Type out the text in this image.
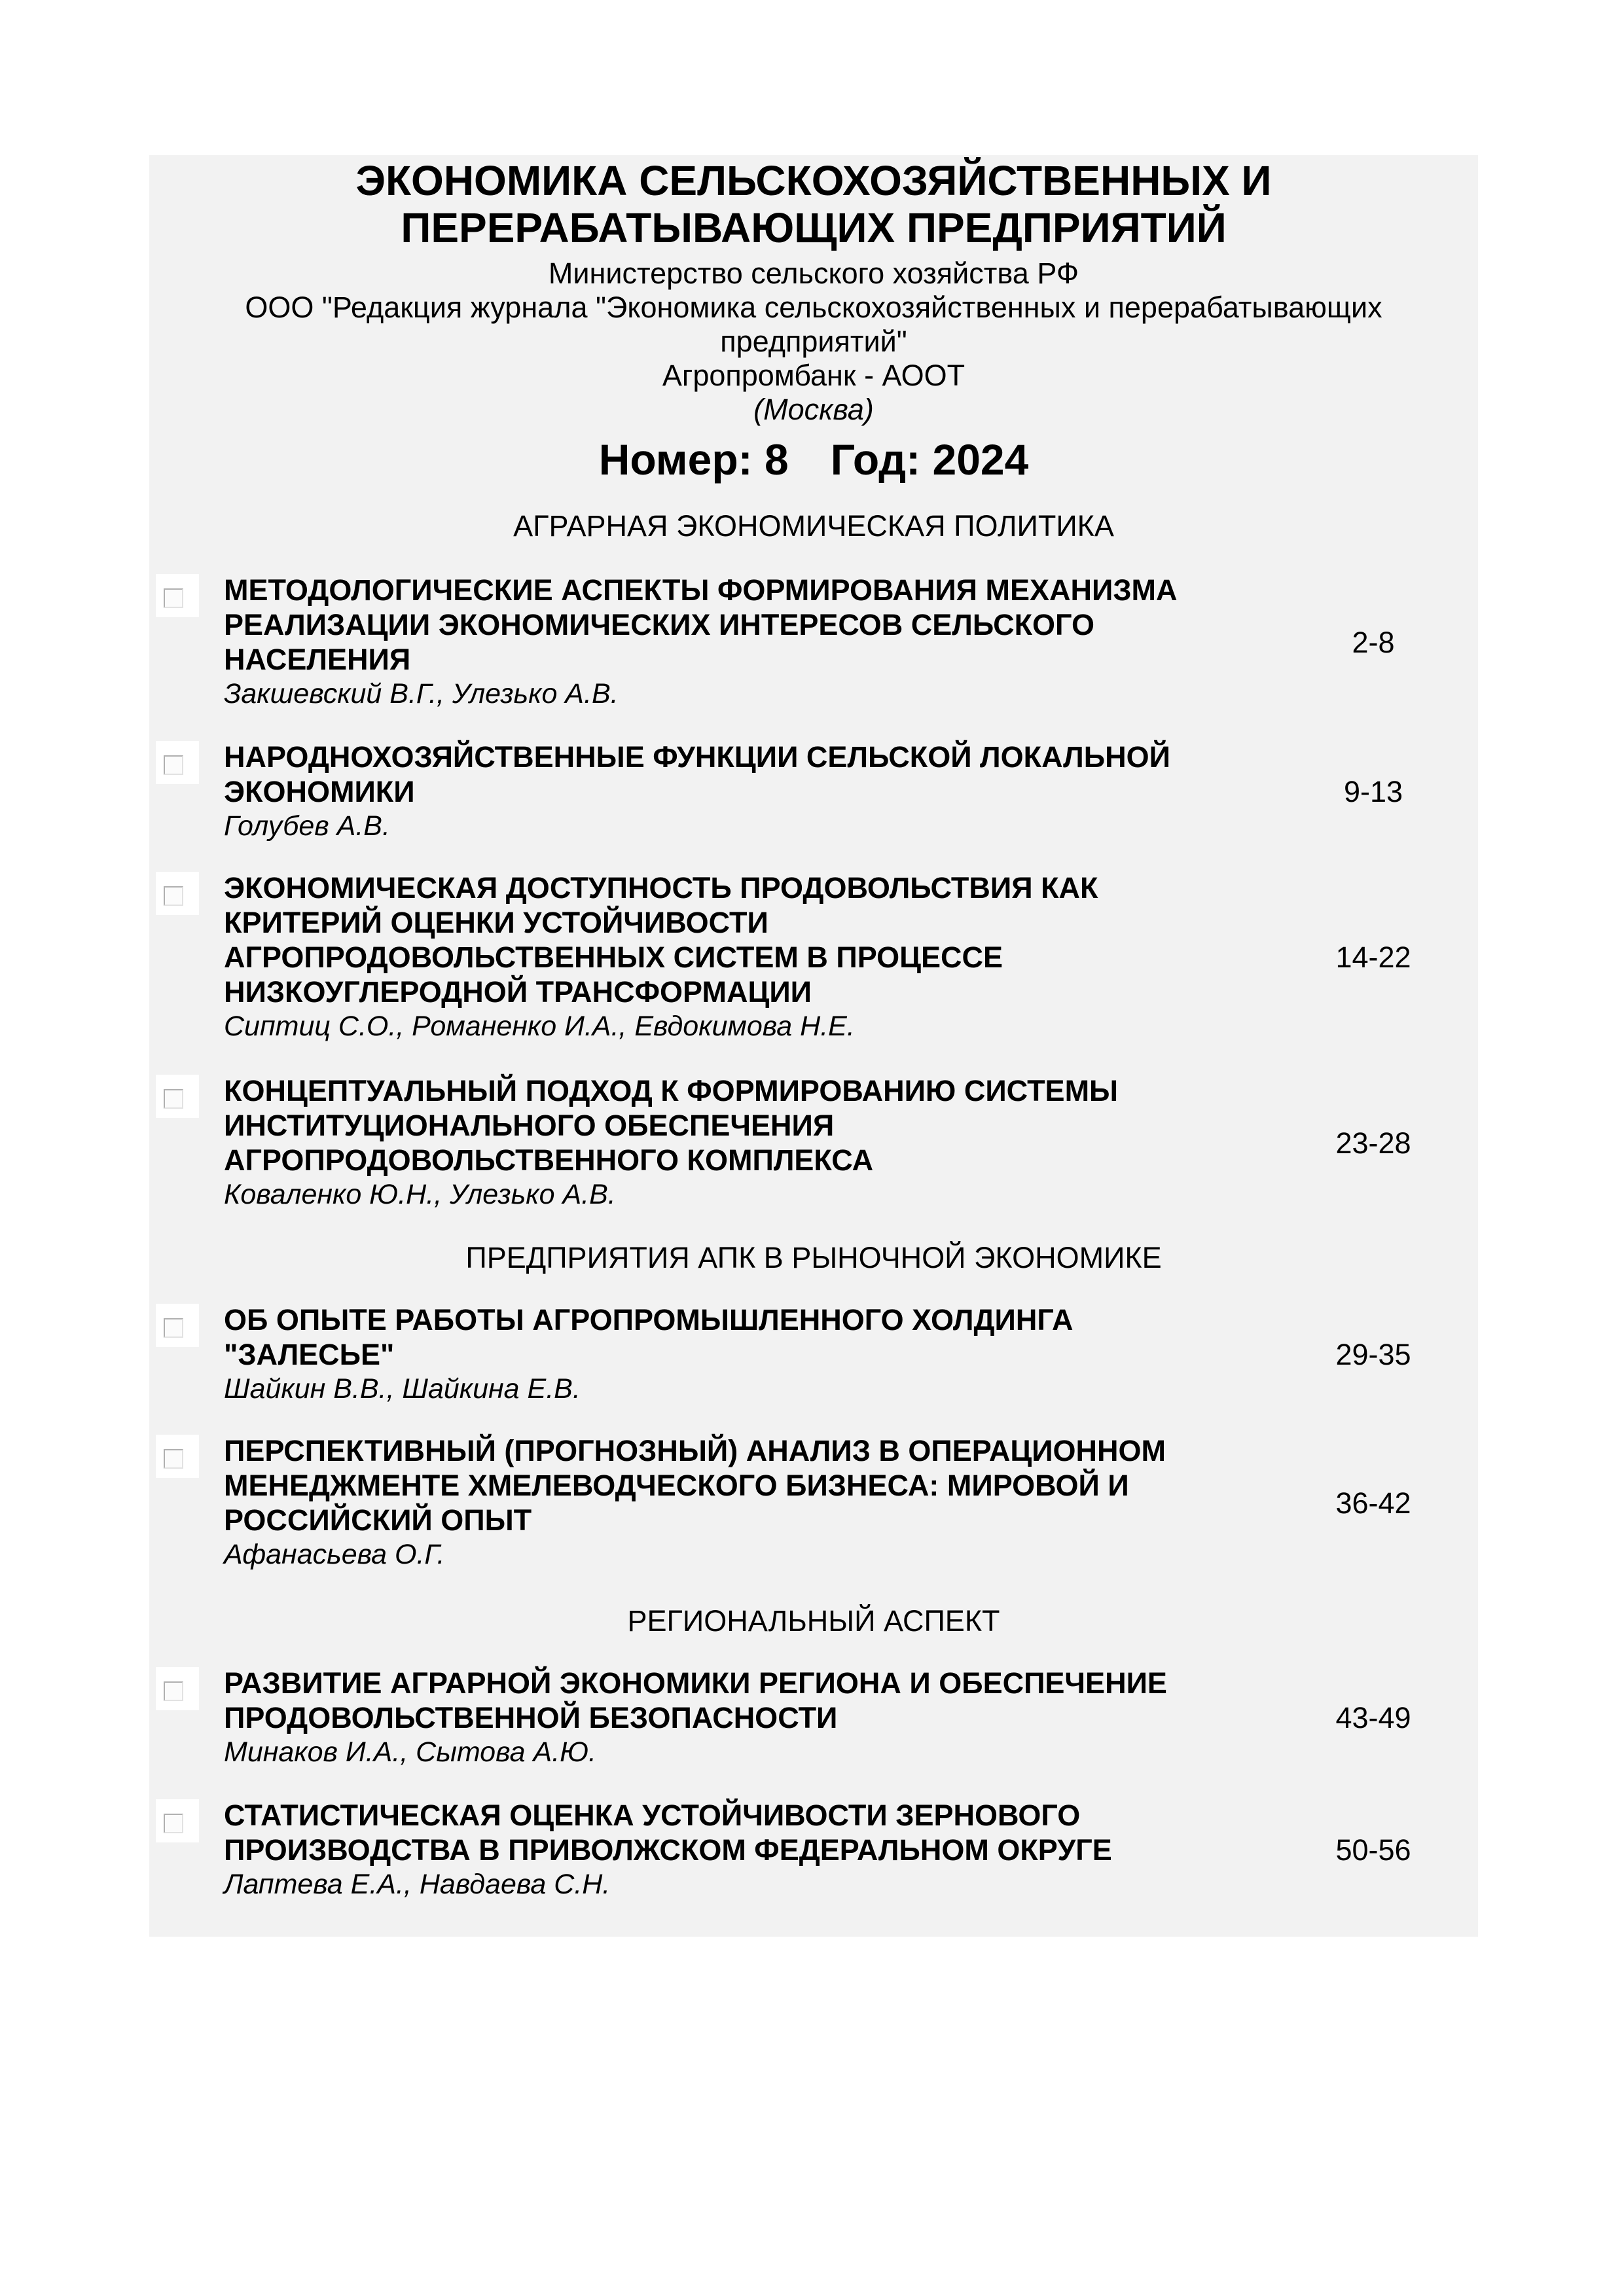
ЭКОНОМИКА СЕЛЬСКОХОЗЯЙСТВЕННЫХ И
ПЕРЕРАБАТЫВАЮЩИХ ПРЕДПРИЯТИЙ
Министерство сельского хозяйства РФ
ООО "Редакция журнала "Экономика сельскохозяйственных и перерабатывающих
предприятий"
Агропромбанк - АООТ
(Москва)
Номер: 8 Год: 2024
АГРАРНАЯ ЭКОНОМИЧЕСКАЯ ПОЛИТИКА
МЕТОДОЛОГИЧЕСКИЕ АСПЕКТЫ ФОРМИРОВАНИЯ МЕХАНИЗМА
РЕАЛИЗАЦИИ ЭКОНОМИЧЕСКИХ ИНТЕРЕСОВ СЕЛЬСКОГО
НАСЕЛЕНИЯ
Закшевский В.Г., Улезько А.В.
2-8
НАРОДНОХОЗЯЙСТВЕННЫЕ ФУНКЦИИ СЕЛЬСКОЙ ЛОКАЛЬНОЙ
ЭКОНОМИКИ
Голубев А.В.
9-13
ЭКОНОМИЧЕСКАЯ ДОСТУПНОСТЬ ПРОДОВОЛЬСТВИЯ КАК
КРИТЕРИЙ ОЦЕНКИ УСТОЙЧИВОСТИ
АГРОПРОДОВОЛЬСТВЕННЫХ СИСТЕМ В ПРОЦЕССЕ
НИЗКОУГЛЕРОДНОЙ ТРАНСФОРМАЦИИ
Сиптиц С.О., Романенко И.А., Евдокимова Н.Е.
14-22
КОНЦЕПТУАЛЬНЫЙ ПОДХОД К ФОРМИРОВАНИЮ СИСТЕМЫ
ИНСТИТУЦИОНАЛЬНОГО ОБЕСПЕЧЕНИЯ
АГРОПРОДОВОЛЬСТВЕННОГО КОМПЛЕКСА
Коваленко Ю.Н., Улезько А.В.
23-28
ПРЕДПРИЯТИЯ АПК В РЫНОЧНОЙ ЭКОНОМИКЕ
ОБ ОПЫТЕ РАБОТЫ АГРОПРОМЫШЛЕННОГО ХОЛДИНГА
"ЗАЛЕСЬЕ"
Шайкин В.В., Шайкина Е.В.
29-35
ПЕРСПЕКТИВНЫЙ (ПРОГНОЗНЫЙ) АНАЛИЗ В ОПЕРАЦИОННОМ
МЕНЕДЖМЕНТЕ ХМЕЛЕВОДЧЕСКОГО БИЗНЕСА: МИРОВОЙ И
РОССИЙСКИЙ ОПЫТ
Афанасьева О.Г.
36-42
РЕГИОНАЛЬНЫЙ АСПЕКТ
РАЗВИТИЕ АГРАРНОЙ ЭКОНОМИКИ РЕГИОНА И ОБЕСПЕЧЕНИЕ
ПРОДОВОЛЬСТВЕННОЙ БЕЗОПАСНОСТИ
Минаков И.А., Сытова А.Ю.
43-49
СТАТИСТИЧЕСКАЯ ОЦЕНКА УСТОЙЧИВОСТИ ЗЕРНОВОГО
ПРОИЗВОДСТВА В ПРИВОЛЖСКОМ ФЕДЕРАЛЬНОМ ОКРУГЕ
Лаптева Е.А., Навдаева С.Н.
50-56
